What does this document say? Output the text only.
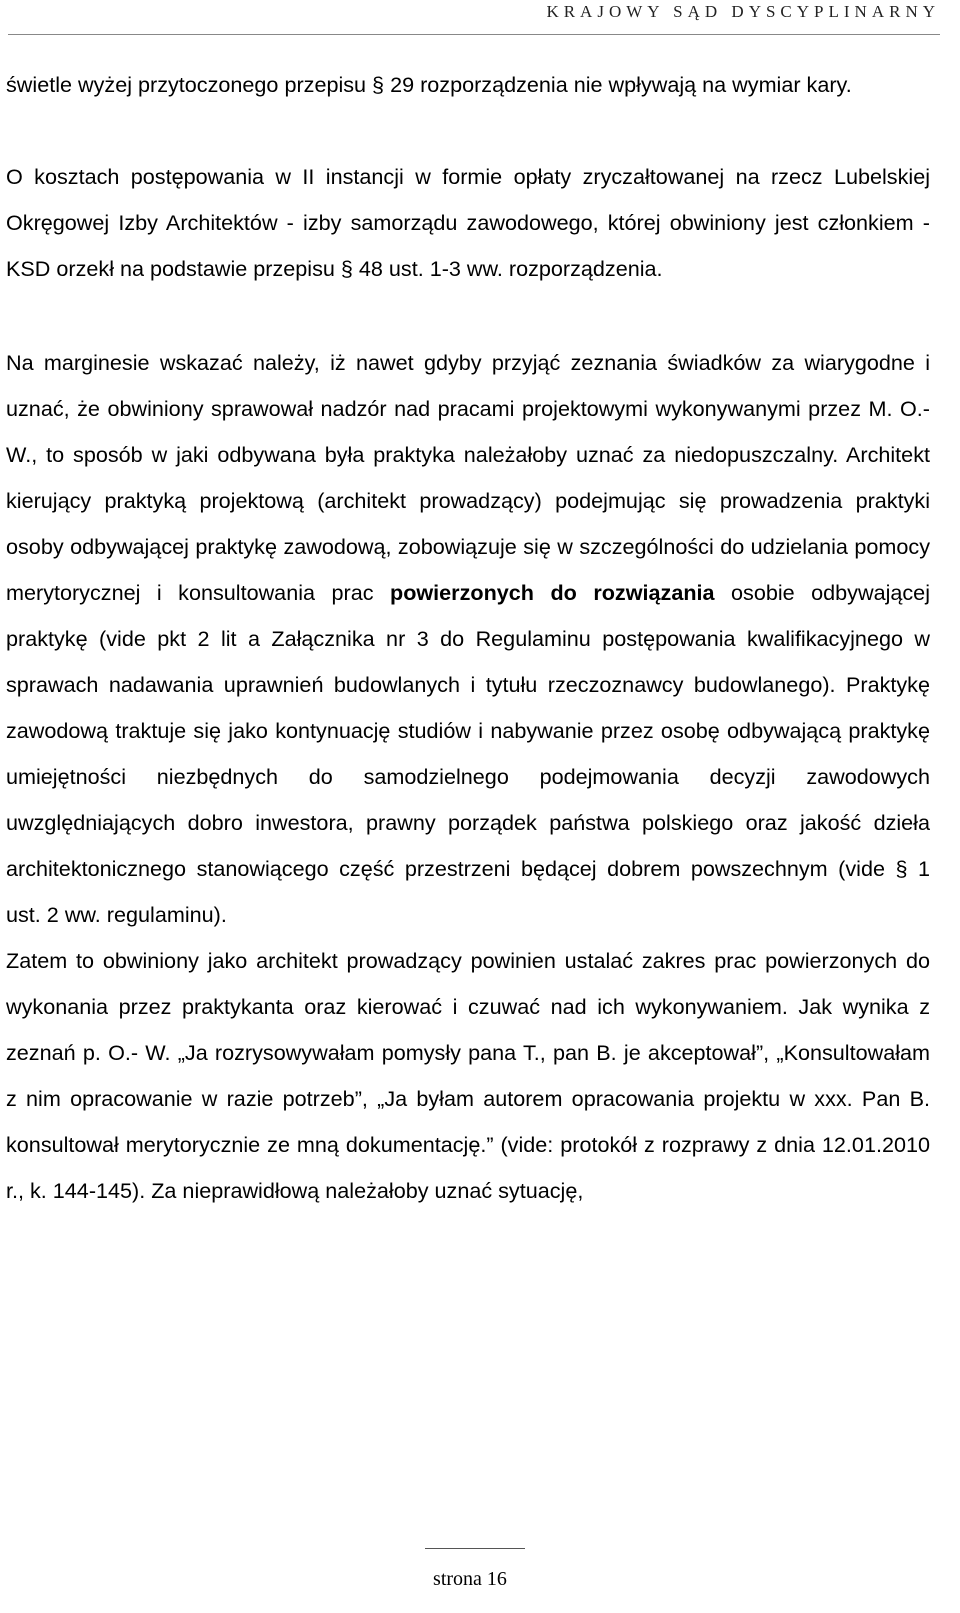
KRAJOWY SĄD DYSCYPLINARNY

świetle wyżej przytoczonego przepisu § 29 rozporządzenia nie wpływają na wymiar kary.

O kosztach postępowania w II instancji w formie opłaty zryczałtowanej na rzecz Lubelskiej Okręgowej Izby Architektów - izby samorządu zawodowego, której obwiniony jest członkiem - KSD orzekł na podstawie przepisu § 48 ust. 1-3 ww. rozporządzenia.

Na marginesie wskazać należy, iż nawet gdyby przyjąć zeznania świadków za wiarygodne i uznać, że obwiniony sprawował nadzór nad pracami projektowymi wykonywanymi przez M. O.- W., to sposób w jaki odbywana była praktyka należałoby uznać za niedopuszczalny. Architekt kierujący praktyką projektową (architekt prowadzący) podejmując się prowadzenia praktyki osoby odbywającej praktykę zawodową, zobowiązuje się w szczególności do udzielania pomocy merytorycznej i konsultowania prac powierzonych do rozwiązania osobie odbywającej praktykę (vide pkt 2 lit a Załącznika nr 3 do Regulaminu postępowania kwalifikacyjnego w sprawach nadawania uprawnień budowlanych i tytułu rzeczoznawcy budowlanego). Praktykę zawodową traktuje się jako kontynuację studiów i nabywanie przez osobę odbywającą praktykę umiejętności niezbędnych do samodzielnego podejmowania decyzji zawodowych uwzględniających dobro inwestora, prawny porządek państwa polskiego oraz jakość dzieła architektonicznego stanowiącego część przestrzeni będącej dobrem powszechnym (vide § 1 ust. 2 ww. regulaminu).

Zatem to obwiniony jako architekt prowadzący powinien ustalać zakres prac powierzonych do wykonania przez praktykanta oraz kierować i czuwać nad ich wykonywaniem. Jak wynika z zeznań p. O.- W. „Ja rozrysowywałam pomysły pana T., pan B. je akceptował”, „Konsultowałam z nim opracowanie w razie potrzeb”, „Ja byłam autorem opracowania projektu w xxx. Pan B. konsultował merytorycznie ze mną dokumentację.” (vide: protokół z rozprawy z dnia 12.01.2010 r., k. 144-145). Za nieprawidłową należałoby uznać sytuację,

strona 16
